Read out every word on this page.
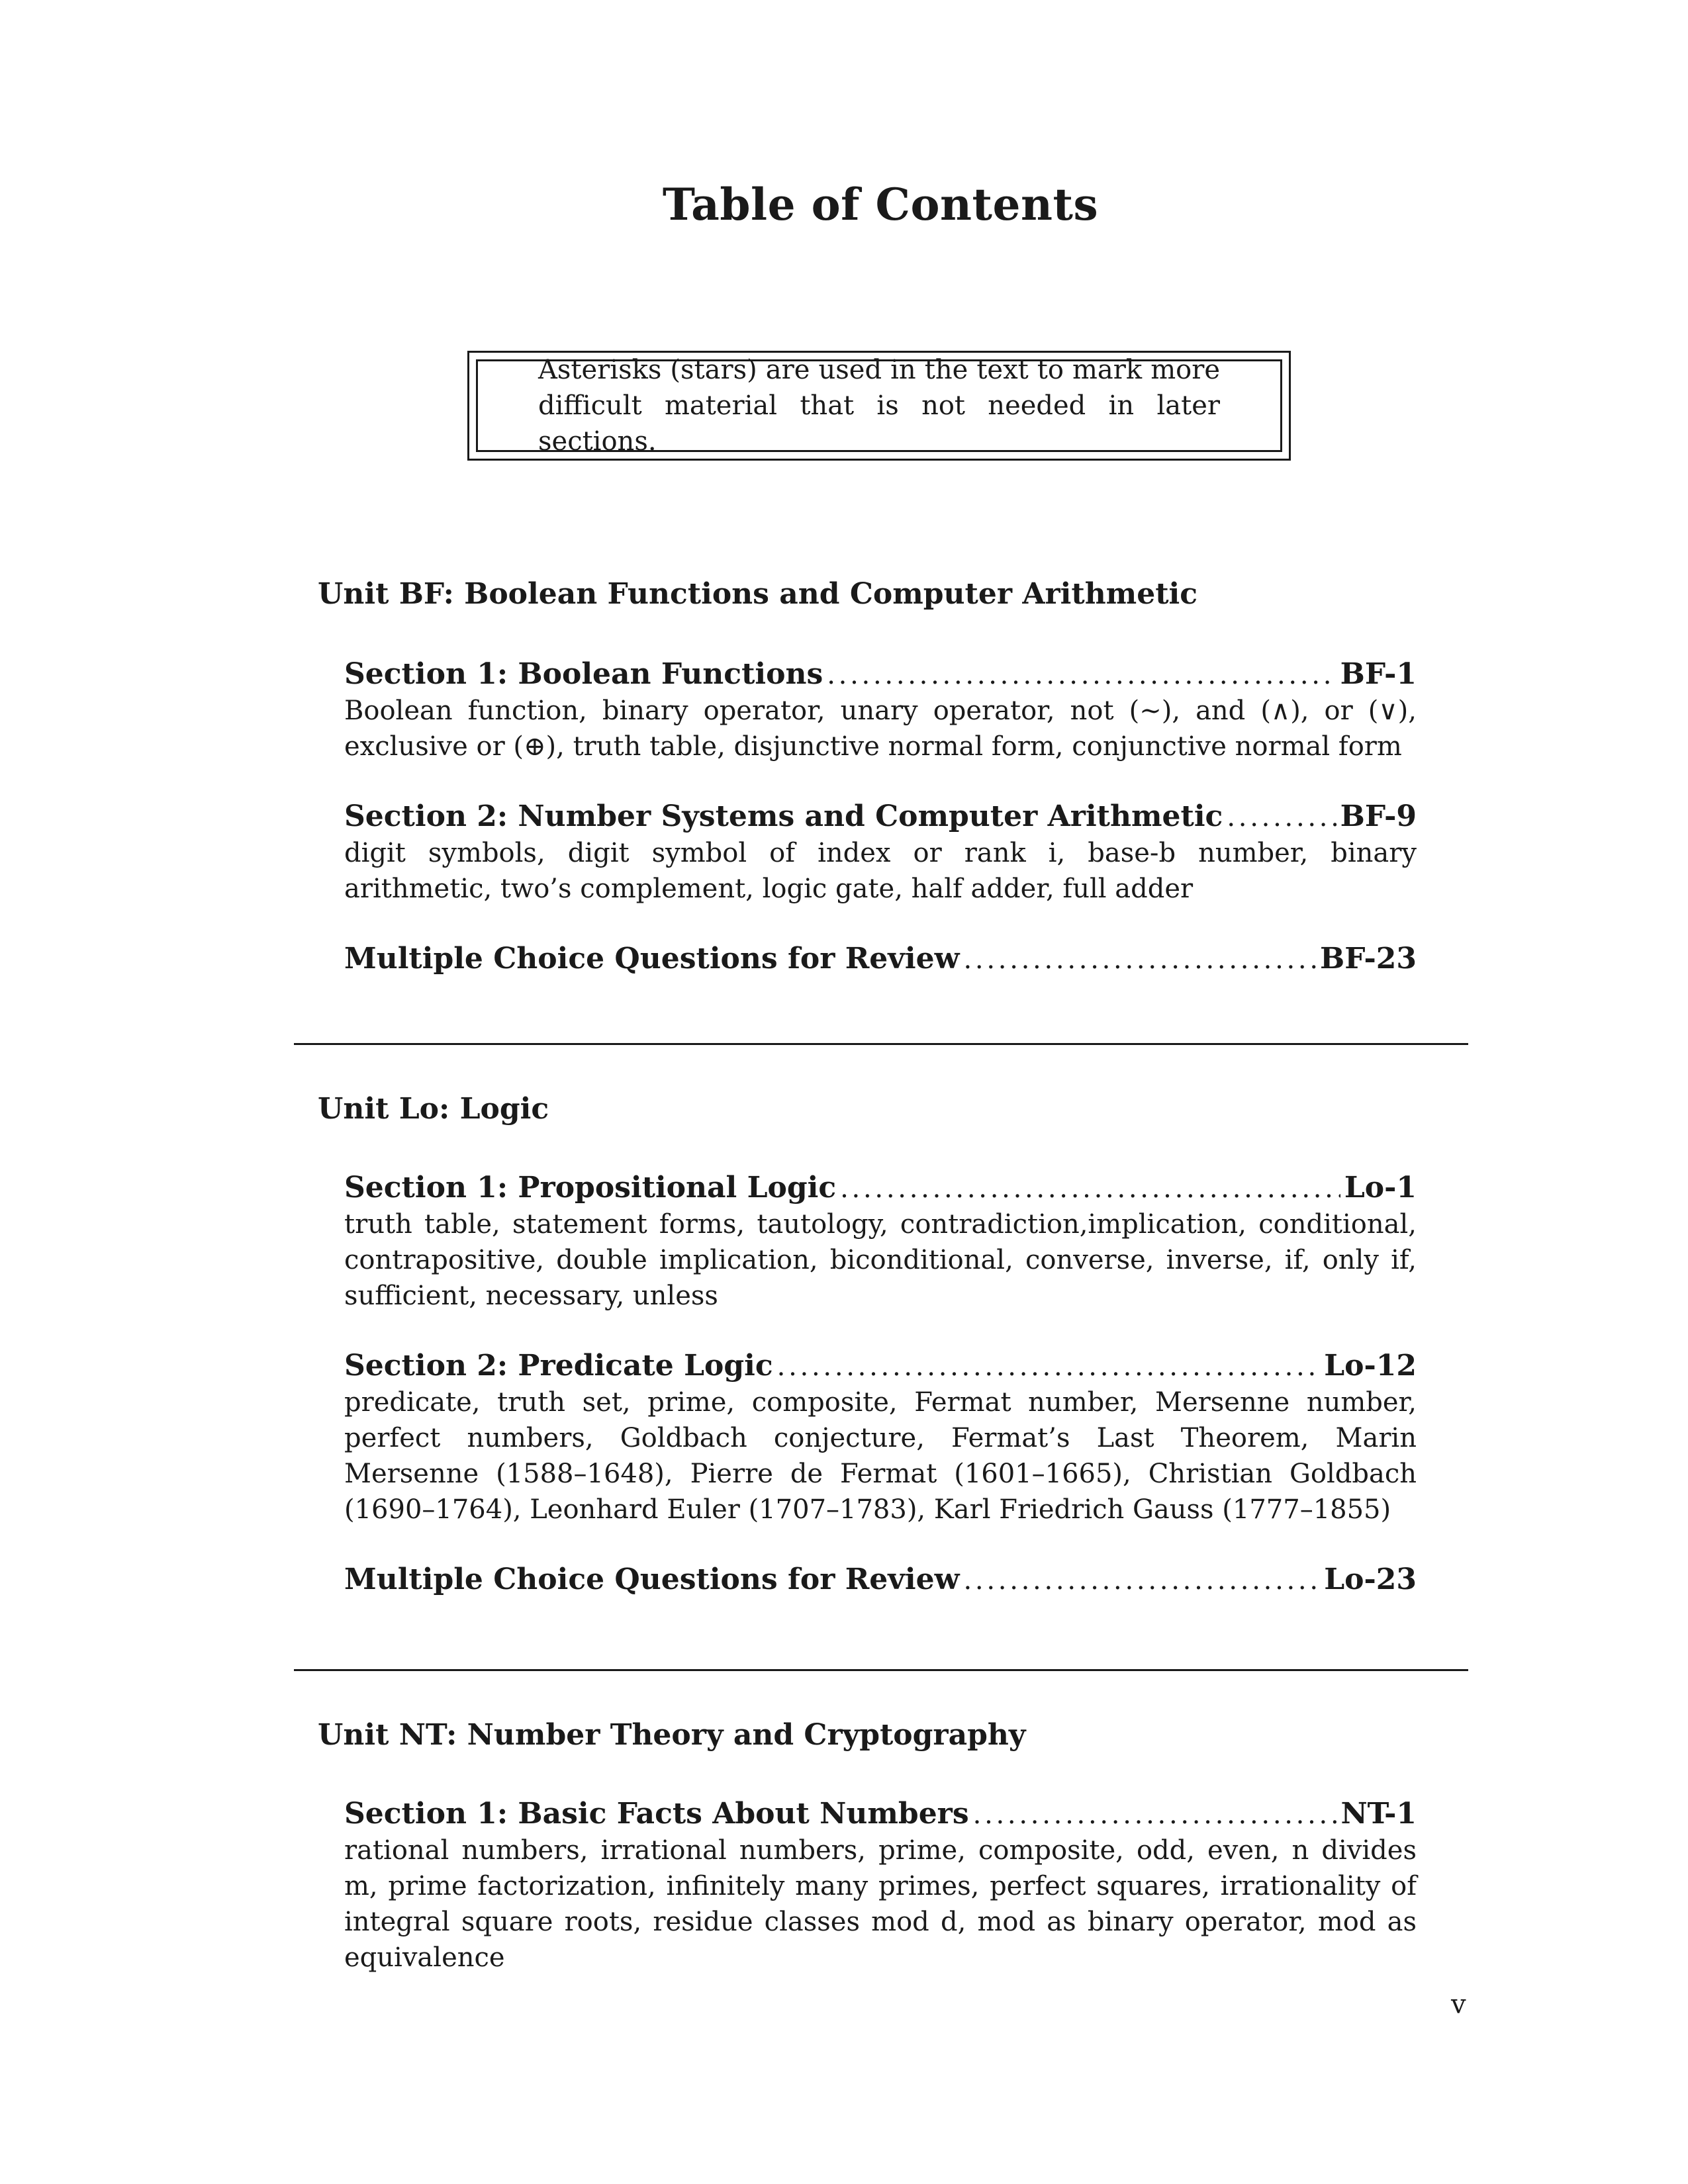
Table of Contents
Asterisks (stars) are used in the text to mark more difficult material that is not needed in later sections.
Unit BF: Boolean Functions and Computer Arithmetic
Section 1: Boolean Functions . . .	BF-1

Boolean function, binary operator, unary operator, not (∼), and (∧), or (∨), exclusive or (⊕), truth table, disjunctive normal form, conjunctive normal form

Section 2: Number Systems and Computer Arithmetic . . .	BF-9

digit symbols, digit symbol of index or rank i, base-b number, binary arithmetic, two’s complement, logic gate, half adder, full adder

Multiple Choice Questions for Review . . .	BF-23
Unit Lo: Logic
Section 1: Propositional Logic . . .	Lo-1

truth table, statement forms, tautology, contradiction,implication, conditional, contrapositive, double implication, biconditional, converse, inverse, if, only if, sufficient, necessary, unless

Section 2: Predicate Logic . . .	Lo-12

predicate, truth set, prime, composite, Fermat number, Mersenne number, perfect numbers, Goldbach conjecture, Fermat’s Last Theorem, Marin Mersenne (1588–1648), Pierre de Fermat (1601–1665), Christian Goldbach (1690–1764), Leonhard Euler (1707–1783), Karl Friedrich Gauss (1777–1855)

Multiple Choice Questions for Review . . .	Lo-23
Unit NT: Number Theory and Cryptography
Section 1: Basic Facts About Numbers . . .	NT-1

rational numbers, irrational numbers, prime, composite, odd, even, n divides m, prime factorization, infinitely many primes, perfect squares, irrationality of integral square roots, residue classes mod d, mod as binary operator, mod as equivalence

v
